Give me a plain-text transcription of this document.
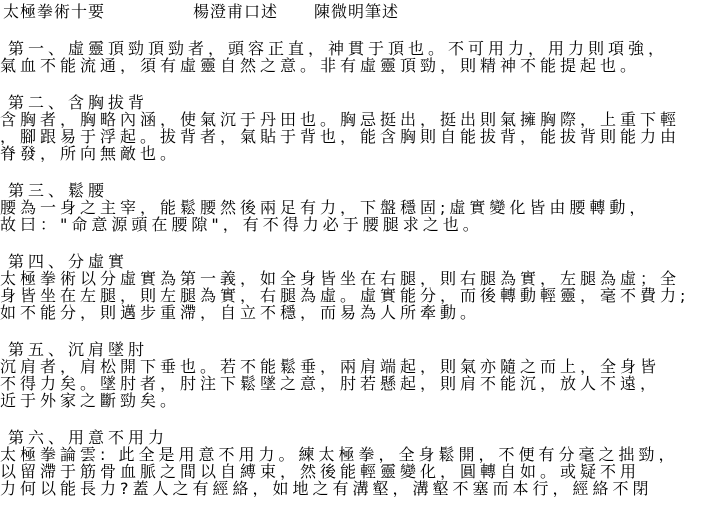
太極拳術十要	楊澄甫口述 陳微明筆述
第一、虛靈頂勁頂勁者，頭容正直，神貫于頂也。不可用力，用力則項強，
氣血不能流通，須有虛靈自然之意。非有虛靈頂勁，則精神不能提起也。
第二、含胸拔背
含胸者，胸略內涵，使氣沉于丹田也。胸忌挺出，挺出則氣擁胸際，上重下輕
，腳跟易于浮起。拔背者，氣貼于背也，能含胸則自能拔背，能拔背則能力由
脊發，所向無敵也。
第三、鬆腰
腰為一身之主宰，能鬆腰然後兩足有力，下盤穩固;虛實變化皆由腰轉動，
故曰："命意源頭在腰隙"，有不得力必于腰腿求之也。
第四、分虛實
太極拳術以分虛實為第一義，如全身皆坐在右腿，則右腿為實，左腿為虛；全
身皆坐在左腿，則左腿為實，右腿為虛。虛實能分，而後轉動輕靈，毫不費力;
如不能分，則邁步重滯，自立不穩，而易為人所牽動。
第五、沉肩墜肘
沉肩者，肩松開下垂也。若不能鬆垂，兩肩端起，則氣亦隨之而上，全身皆
不得力矣。墜肘者，肘注下鬆墜之意，肘若懸起，則肩不能沉，放人不遠，
近于外家之斷勁矣。
第六、用意不用力
太極拳論雲: 此全是用意不用力。練太極拳，全身鬆開，不便有分毫之拙勁，
以留滯于筋骨血脈之間以自縛束，然後能輕靈變化，圓轉自如。或疑不用
力何以能長力?蓋人之有經絡，如地之有溝壑，溝壑不塞而本行，經絡不閉
